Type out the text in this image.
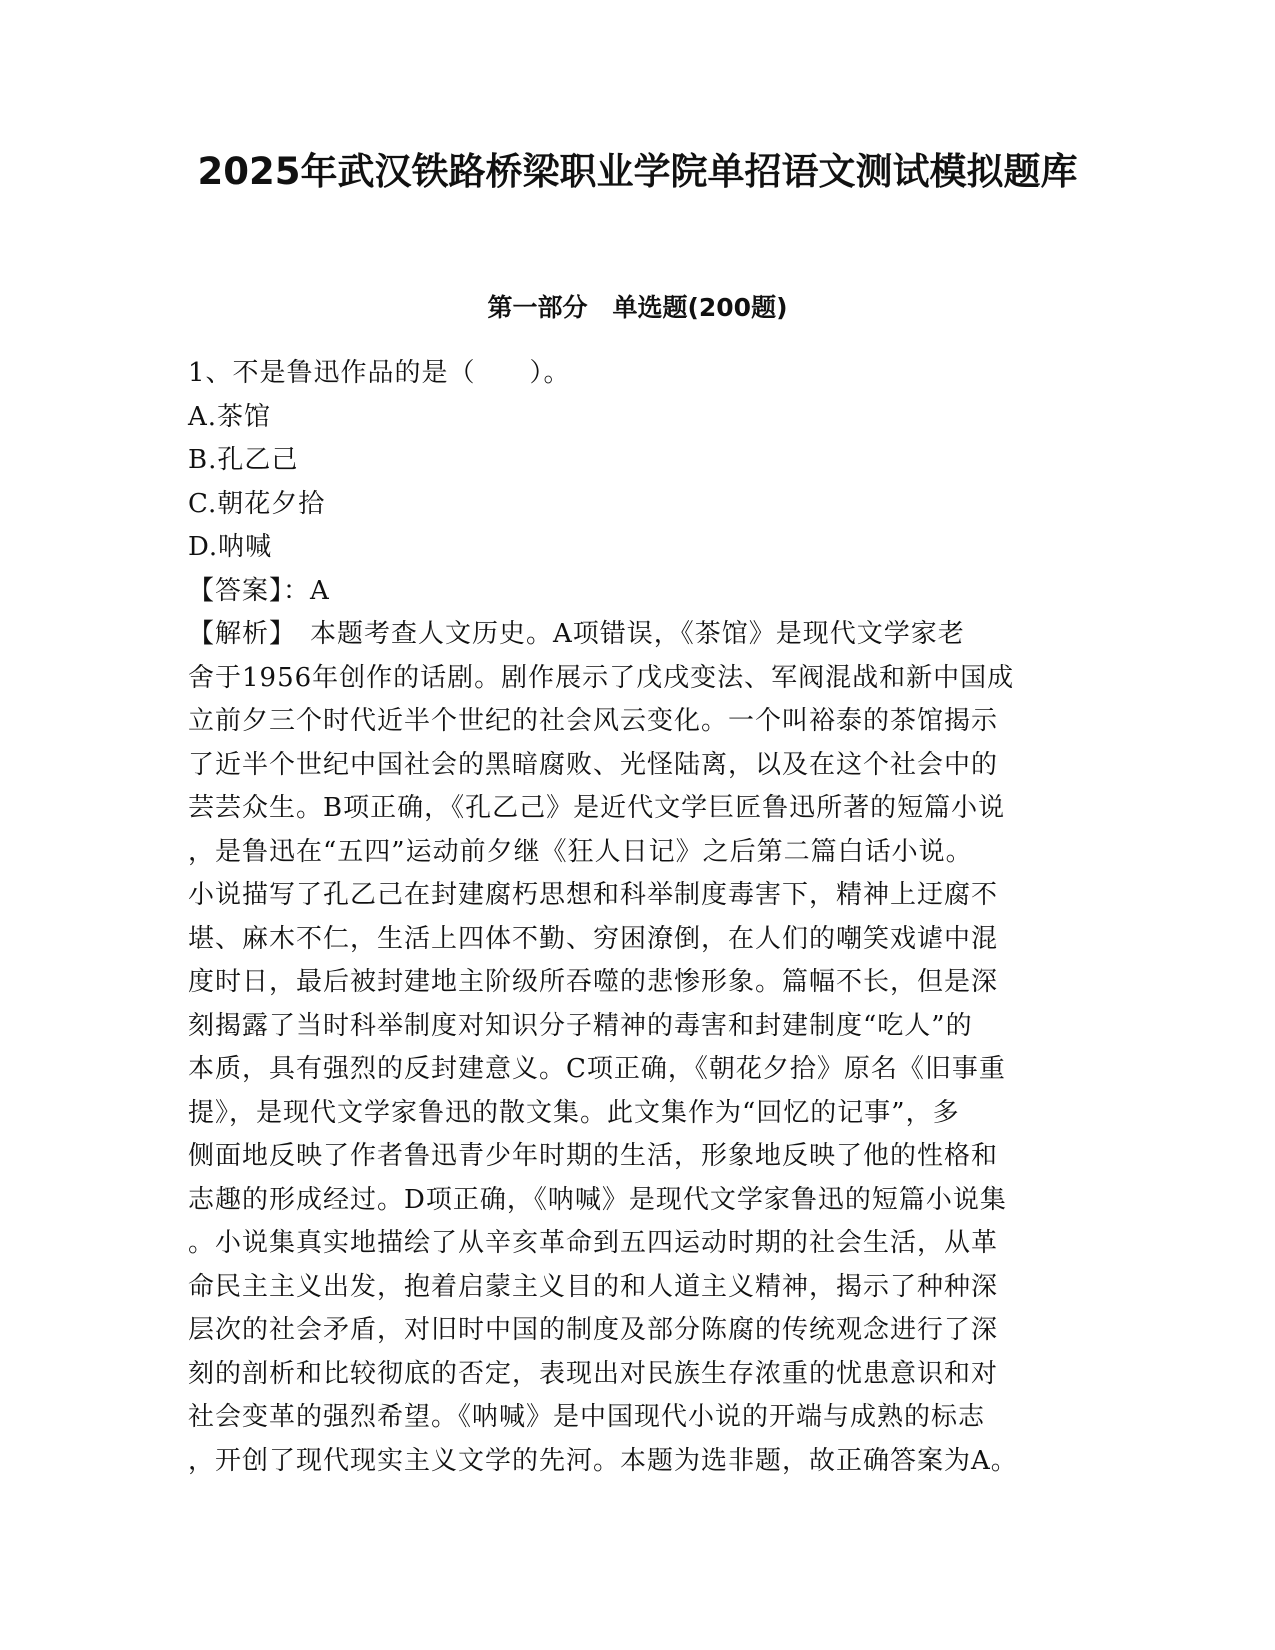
2025年武汉铁路桥梁职业学院单招语文测试模拟题库
第一部分　单选题(200题)

1、不是鲁迅作品的是（　　）。

A.茶馆

B.孔乙己

C.朝花夕拾

D.呐喊

【答案】：A

【解析】　本题考查人文历史。A项错误，《茶馆》是现代文学家老

舍于1956年创作的话剧。剧作展示了戊戌变法、军阀混战和新中国成

立前夕三个时代近半个世纪的社会风云变化。一个叫裕泰的茶馆揭示

了近半个世纪中国社会的黑暗腐败、光怪陆离，以及在这个社会中的

芸芸众生。B项正确，《孔乙己》是近代文学巨匠鲁迅所著的短篇小说

，是鲁迅在“五四”运动前夕继《狂人日记》之后第二篇白话小说。

小说描写了孔乙己在封建腐朽思想和科举制度毒害下，精神上迂腐不

堪、麻木不仁，生活上四体不勤、穷困潦倒，在人们的嘲笑戏谑中混

度时日，最后被封建地主阶级所吞噬的悲惨形象。篇幅不长，但是深

刻揭露了当时科举制度对知识分子精神的毒害和封建制度“吃人”的

本质，具有强烈的反封建意义。C项正确，《朝花夕拾》原名《旧事重

提》，是现代文学家鲁迅的散文集。此文集作为“回忆的记事”，多

侧面地反映了作者鲁迅青少年时期的生活，形象地反映了他的性格和

志趣的形成经过。D项正确，《呐喊》是现代文学家鲁迅的短篇小说集

。小说集真实地描绘了从辛亥革命到五四运动时期的社会生活，从革

命民主主义出发，抱着启蒙主义目的和人道主义精神，揭示了种种深

层次的社会矛盾，对旧时中国的制度及部分陈腐的传统观念进行了深

刻的剖析和比较彻底的否定，表现出对民族生存浓重的忧患意识和对

社会变革的强烈希望。《呐喊》是中国现代小说的开端与成熟的标志

，开创了现代现实主义文学的先河。本题为选非题，故正确答案为A。
